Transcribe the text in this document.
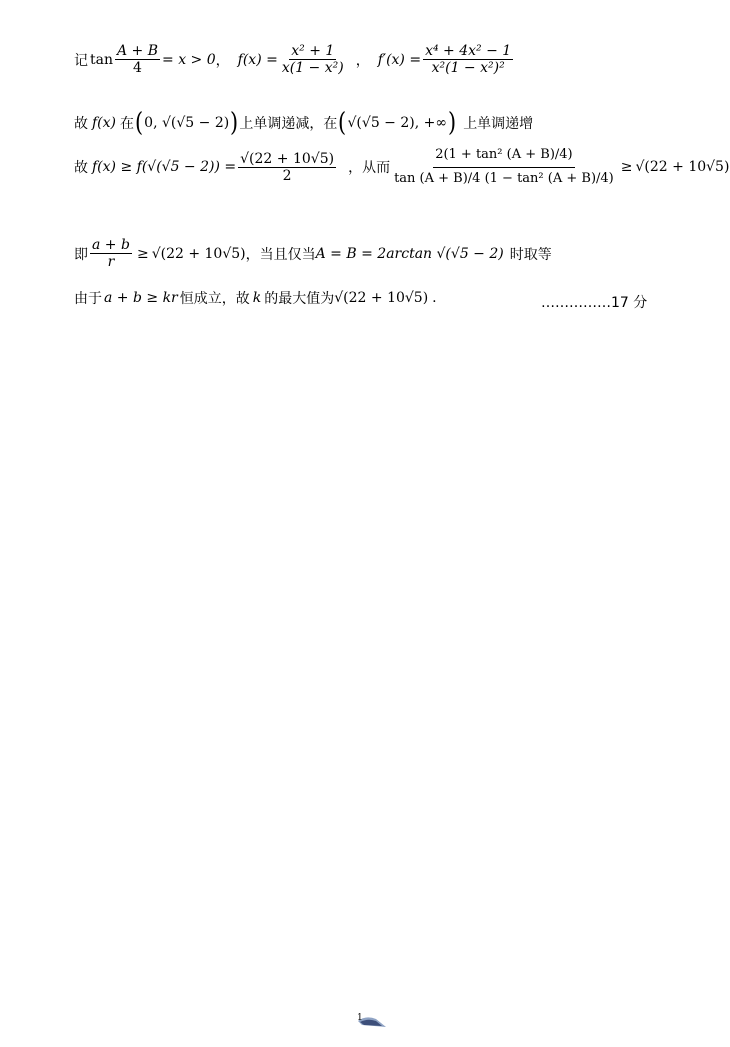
记 $\tan \frac{A + B}{4} = x > 0$ ， f $(x) = \frac{\text{x² + 1}}{\text{x(1 − x²)}}$ ， $f'(x) = \frac{\text{x⁴ + 4x² − 1}}{\text{x²(1 − x²)²}}$
故 f(x) 在 ( 0, √(√5 − 2) ) 上单调递减，在 ( √(√5 − 2), +∞ ) 上单调递增
故 $f(x) \ge f(√(√5 - 2)) = \frac{√(22 + 10√5)}{2}$ ，从而 $\frac{\text{2(1 + tan² (A + B)/4)}}{\text{tan (A + B)/4 (1 − tan² (A + B)/4)}} \ge √(22 + 10√5)$
即 $\frac{a + b}{r} \ge √(22 + 10√5)$ ，当且仅当 A = B = 2arctan √(√5 − 2) 时取等
由于 a + b ≥ kr 恒成立，故 k 的最大值为 √(22 + 10√5) .	……………17 分
1
